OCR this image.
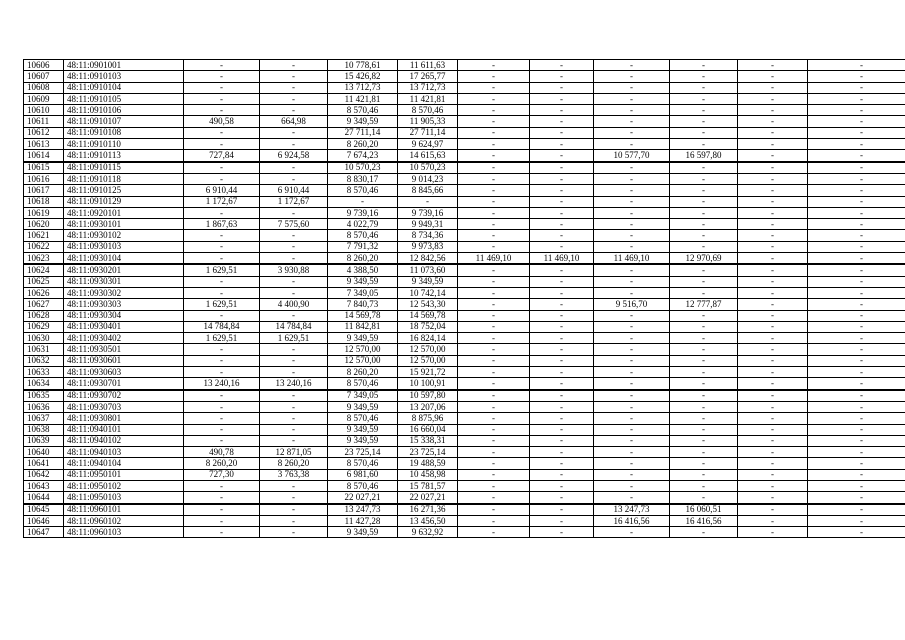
10606	48:11:0901001	-	-	10 778,61	11 611,63	-	-	-	-	-	-
10607	48:11:0910103	-	-	15 426,82	17 265,77	-	-	-	-	-	-
10608	48:11:0910104	-	-	13 712,73	13 712,73	-	-	-	-	-	-
10609	48:11:0910105	-	-	11 421,81	11 421,81	-	-	-	-	-	-
10610	48:11:0910106	-	-	8 570,46	8 570,46	-	-	-	-	-	-
10611	48:11:0910107	490,58	664,98	9 349,59	11 905,33	-	-	-	-	-	-
10612	48:11:0910108	-	-	27 711,14	27 711,14	-	-	-	-	-	-
10613	48:11:0910110	-	-	8 260,20	9 624,97	-	-	-	-	-	-
10614	48:11:0910113	727,84	6 924,58	7 674,23	14 615,63	-	-	10 577,70	16 597,80	-	-
10615	48:11:0910115	-	-	10 570,23	10 570,23	-	-	-	-	-	-
10616	48:11:0910118	-	-	8 830,17	9 014,23	-	-	-	-	-	-
10617	48:11:0910125	6 910,44	6 910,44	8 570,46	8 845,66	-	-	-	-	-	-
10618	48:11:0910129	1 172,67	1 172,67	-	-	-	-	-	-	-	-
10619	48:11:0920101	-	-	9 739,16	9 739,16	-	-	-	-	-	-
10620	48:11:0930101	1 867,63	7 575,60	4 022,79	9 949,31	-	-	-	-	-	-
10621	48:11:0930102	-	-	8 570,46	8 734,36	-	-	-	-	-	-
10622	48:11:0930103	-	-	7 791,32	9 973,83	-	-	-	-	-	-
10623	48:11:0930104	-	-	8 260,20	12 842,56	11 469,10	11 469,10	11 469,10	12 970,69	-	-
10624	48:11:0930201	1 629,51	3 930,88	4 388,50	11 073,60	-	-	-	-	-	-
10625	48:11:0930301	-	-	9 349,59	9 349,59	-	-	-	-	-	-
10626	48:11:0930302	-	-	7 349,05	10 742,14	-	-	-	-	-	-
10627	48:11:0930303	1 629,51	4 400,90	7 840,73	12 543,30	-	-	9 516,70	12 777,87	-	-
10628	48:11:0930304	-	-	14 569,78	14 569,78	-	-	-	-	-	-
10629	48:11:0930401	14 784,84	14 784,84	11 842,81	18 752,04	-	-	-	-	-	-
10630	48:11:0930402	1 629,51	1 629,51	9 349,59	16 824,14	-	-	-	-	-	-
10631	48:11:0930501	-	-	12 570,00	12 570,00	-	-	-	-	-	-
10632	48:11:0930601	-	-	12 570,00	12 570,00	-	-	-	-	-	-
10633	48:11:0930603	-	-	8 260,20	15 921,72	-	-	-	-	-	-
10634	48:11:0930701	13 240,16	13 240,16	8 570,46	10 100,91	-	-	-	-	-	-
10635	48:11:0930702	-	-	7 349,05	10 597,80	-	-	-	-	-	-
10636	48:11:0930703	-	-	9 349,59	13 207,06	-	-	-	-	-	-
10637	48:11:0930801	-	-	8 570,46	8 875,96	-	-	-	-	-	-
10638	48:11:0940101	-	-	9 349,59	16 660,04	-	-	-	-	-	-
10639	48:11:0940102	-	-	9 349,59	15 338,31	-	-	-	-	-	-
10640	48:11:0940103	490,78	12 871,05	23 725,14	23 725,14	-	-	-	-	-	-
10641	48:11:0940104	8 260,20	8 260,20	8 570,46	19 488,59	-	-	-	-	-	-
10642	48:11:0950101	727,30	3 763,38	6 981,60	10 458,98	-	-	-	-	-	-
10643	48:11:0950102	-	-	8 570,46	15 781,57	-	-	-	-	-	-
10644	48:11:0950103	-	-	22 027,21	22 027,21	-	-	-	-	-	-
10645	48:11:0960101	-	-	13 247,73	16 271,36	-	-	13 247,73	16 060,51	-	-
10646	48:11:0960102	-	-	11 427,28	13 456,50	-	-	16 416,56	16 416,56	-	-
10647	48:11:0960103	-	-	9 349,59	9 632,92	-	-	-	-	-	-
